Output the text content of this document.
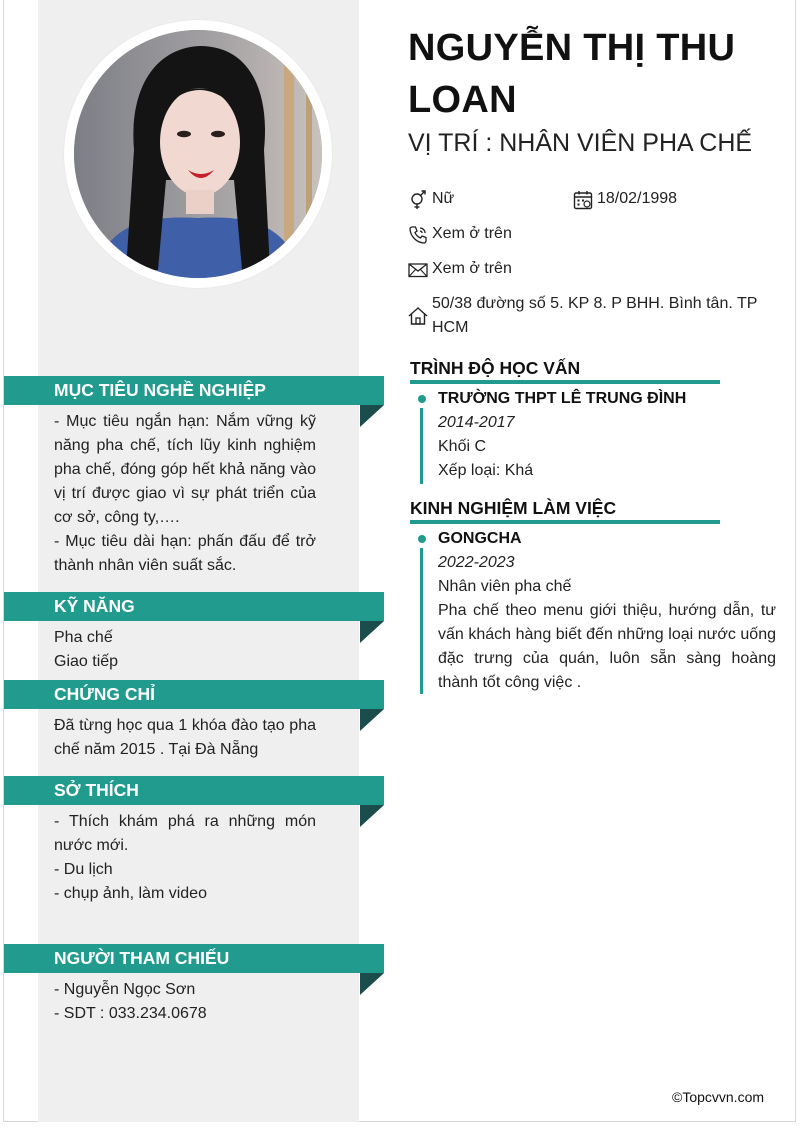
MỤC TIÊU NGHỀ NGHIỆP

- Mục tiêu ngắn hạn: Nắm vững kỹ năng pha chế, tích lũy kinh nghiệm pha chế, đóng góp hết khả năng vào vị trí được giao vì sự phát triển của cơ sở, công ty,….

- Mục tiêu dài hạn: phấn đấu để trở thành nhân viên suất sắc.

KỸ NĂNG

Pha chế

Giao tiếp

CHỨNG CHỈ

Đã từng học qua 1 khóa đào tạo pha chế năm 2015 . Tại Đà Nẵng

SỞ THÍCH

- Thích khám phá ra những món nước mới.

- Du lịch

- chụp ảnh, làm video

NGƯỜI THAM CHIẾU

- Nguyễn Ngọc Sơn

- SDT : 033.234.0678

NGUYỄN THỊ THU LOAN
VỊ TRÍ : NHÂN VIÊN PHA CHẾ
Nữ	18/02/1998
Xem ở trên
Xem ở trên
50/38 đường số 5. KP 8. P BHH. Bình tân. TP HCM
TRÌNH ĐỘ HỌC VẤN

TRƯỜNG THPT LÊ TRUNG ĐÌNH

2014-2017

Khối C

Xếp loại: Khá

KINH NGHIỆM LÀM VIỆC

GONGCHA

2022-2023

Nhân viên pha chế

Pha chế theo menu giới thiệu, hướng dẫn, tư vấn khách hàng biết đến những loại nước uống đặc trưng của quán, luôn sẵn sàng hoàng thành tốt công việc .

©Topcvvn.com
